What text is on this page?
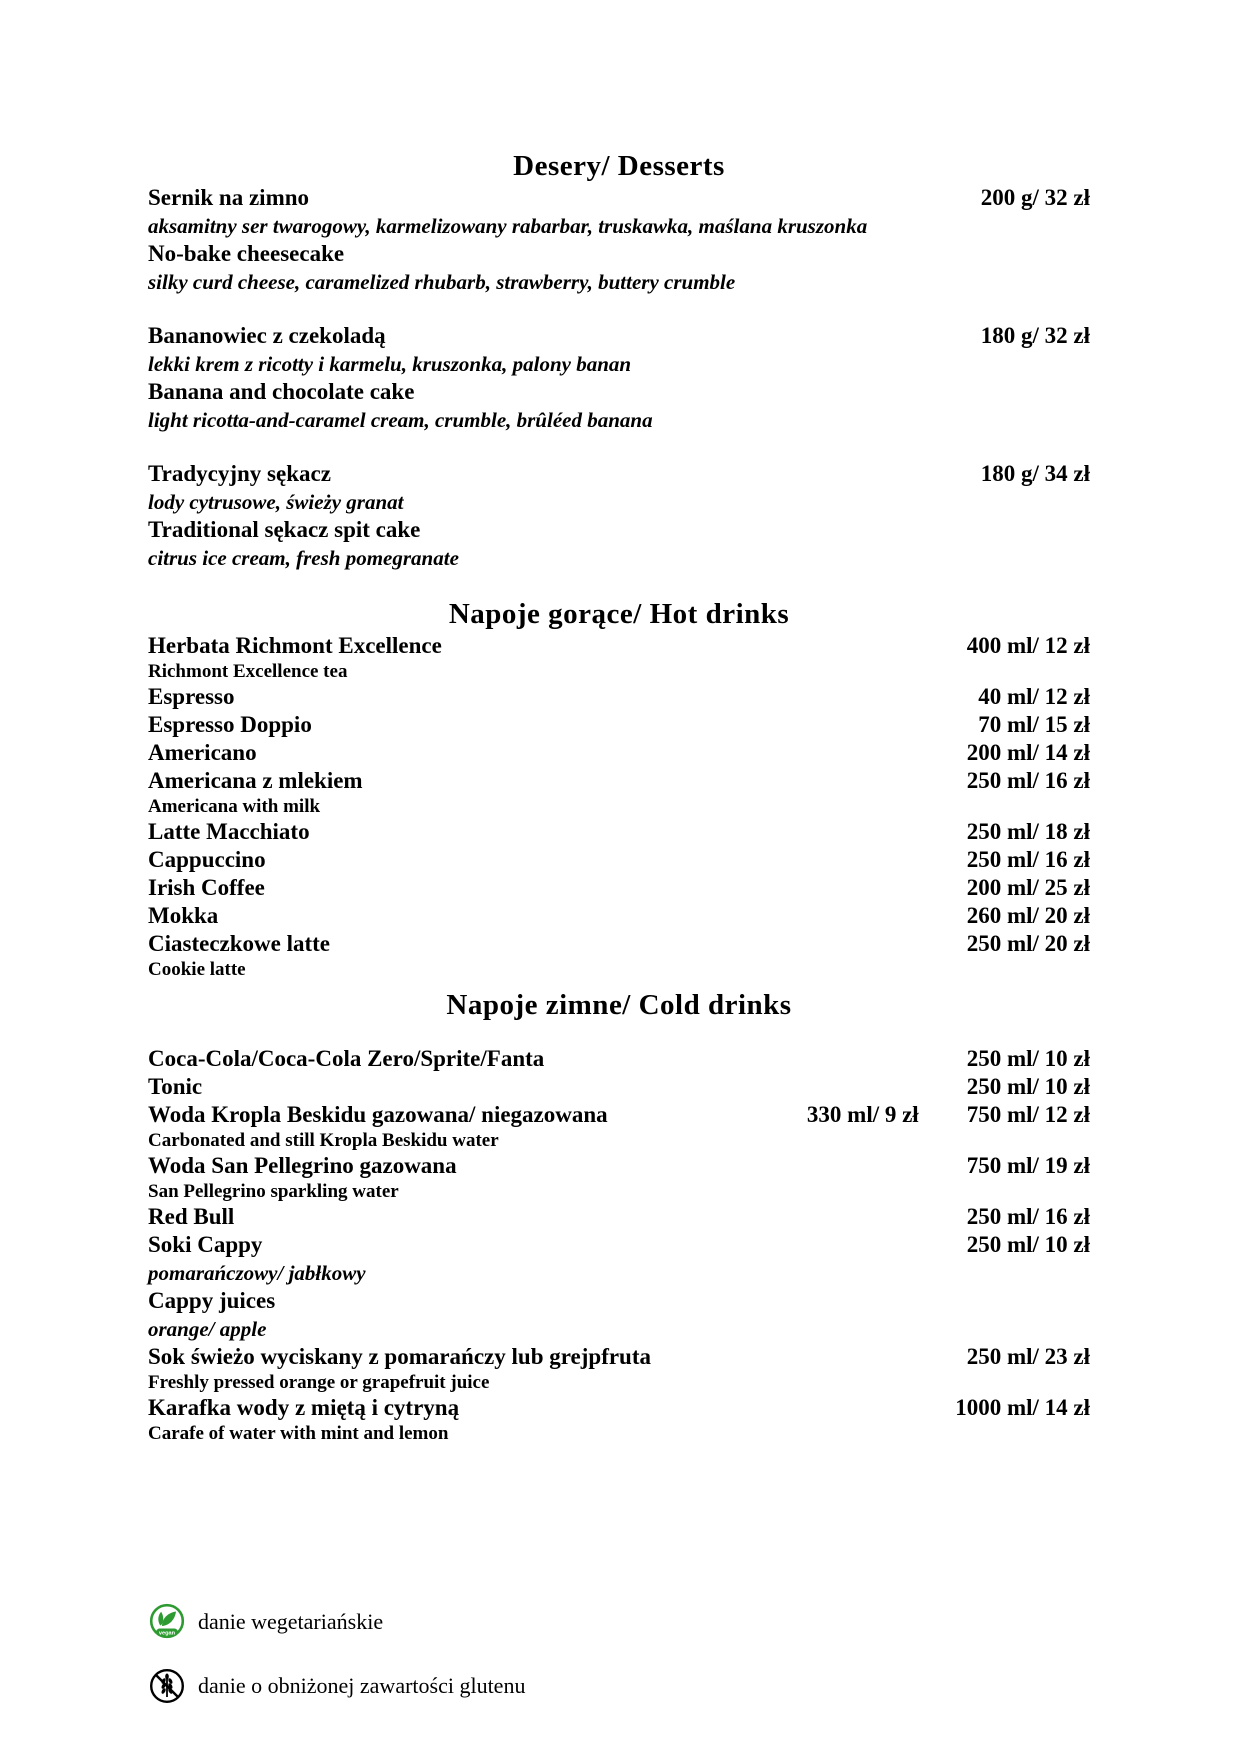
Desery/ Desserts
Sernik na zimno	200 g/ 32 zł
aksamitny ser twarogowy, karmelizowany rabarbar, truskawka, maślana kruszonka
No-bake cheesecake
silky curd cheese, caramelized rhubarb, strawberry, buttery crumble
Bananowiec z czekoladą	180 g/ 32 zł
lekki krem z ricotty i karmelu, kruszonka, palony banan
Banana and chocolate cake
light ricotta-and-caramel cream, crumble, brûléed banana
Tradycyjny sękacz	180 g/ 34 zł
lody cytrusowe, świeży granat
Traditional sękacz spit cake
citrus ice cream, fresh pomegranate
Napoje gorące/ Hot drinks
Herbata Richmont Excellence	400 ml/ 12 zł
Richmont Excellence tea
Espresso	40 ml/ 12 zł
Espresso Doppio	70 ml/ 15 zł
Americano	200 ml/ 14 zł
Americana z mlekiem	250 ml/ 16 zł
Americana with milk
Latte Macchiato	250 ml/ 18 zł
Cappuccino	250 ml/ 16 zł
Irish Coffee	200 ml/ 25 zł
Mokka	260 ml/ 20 zł
Ciasteczkowe latte	250 ml/ 20 zł
Cookie latte
Napoje zimne/ Cold drinks
Coca-Cola/Coca-Cola Zero/Sprite/Fanta	250 ml/ 10 zł
Tonic	250 ml/ 10 zł
Woda Kropla Beskidu gazowana/ niegazowana	330 ml/ 9 zł 750 ml/ 12 zł
Carbonated and still Kropla Beskidu water
Woda San Pellegrino gazowana	750 ml/ 19 zł
San Pellegrino sparkling water
Red Bull	250 ml/ 16 zł
Soki Cappy	250 ml/ 10 zł
pomarańczowy/ jabłkowy
Cappy juices
orange/ apple
Sok świeżo wyciskany z pomarańczy lub grejpfruta	250 ml/ 23 zł
Freshly pressed orange or grapefruit juice
Karafka wody z miętą i cytryną	1000 ml/ 14 zł
Carafe of water with mint and lemon
vegan danie wegetariańskie
danie o obniżonej zawartości glutenu
